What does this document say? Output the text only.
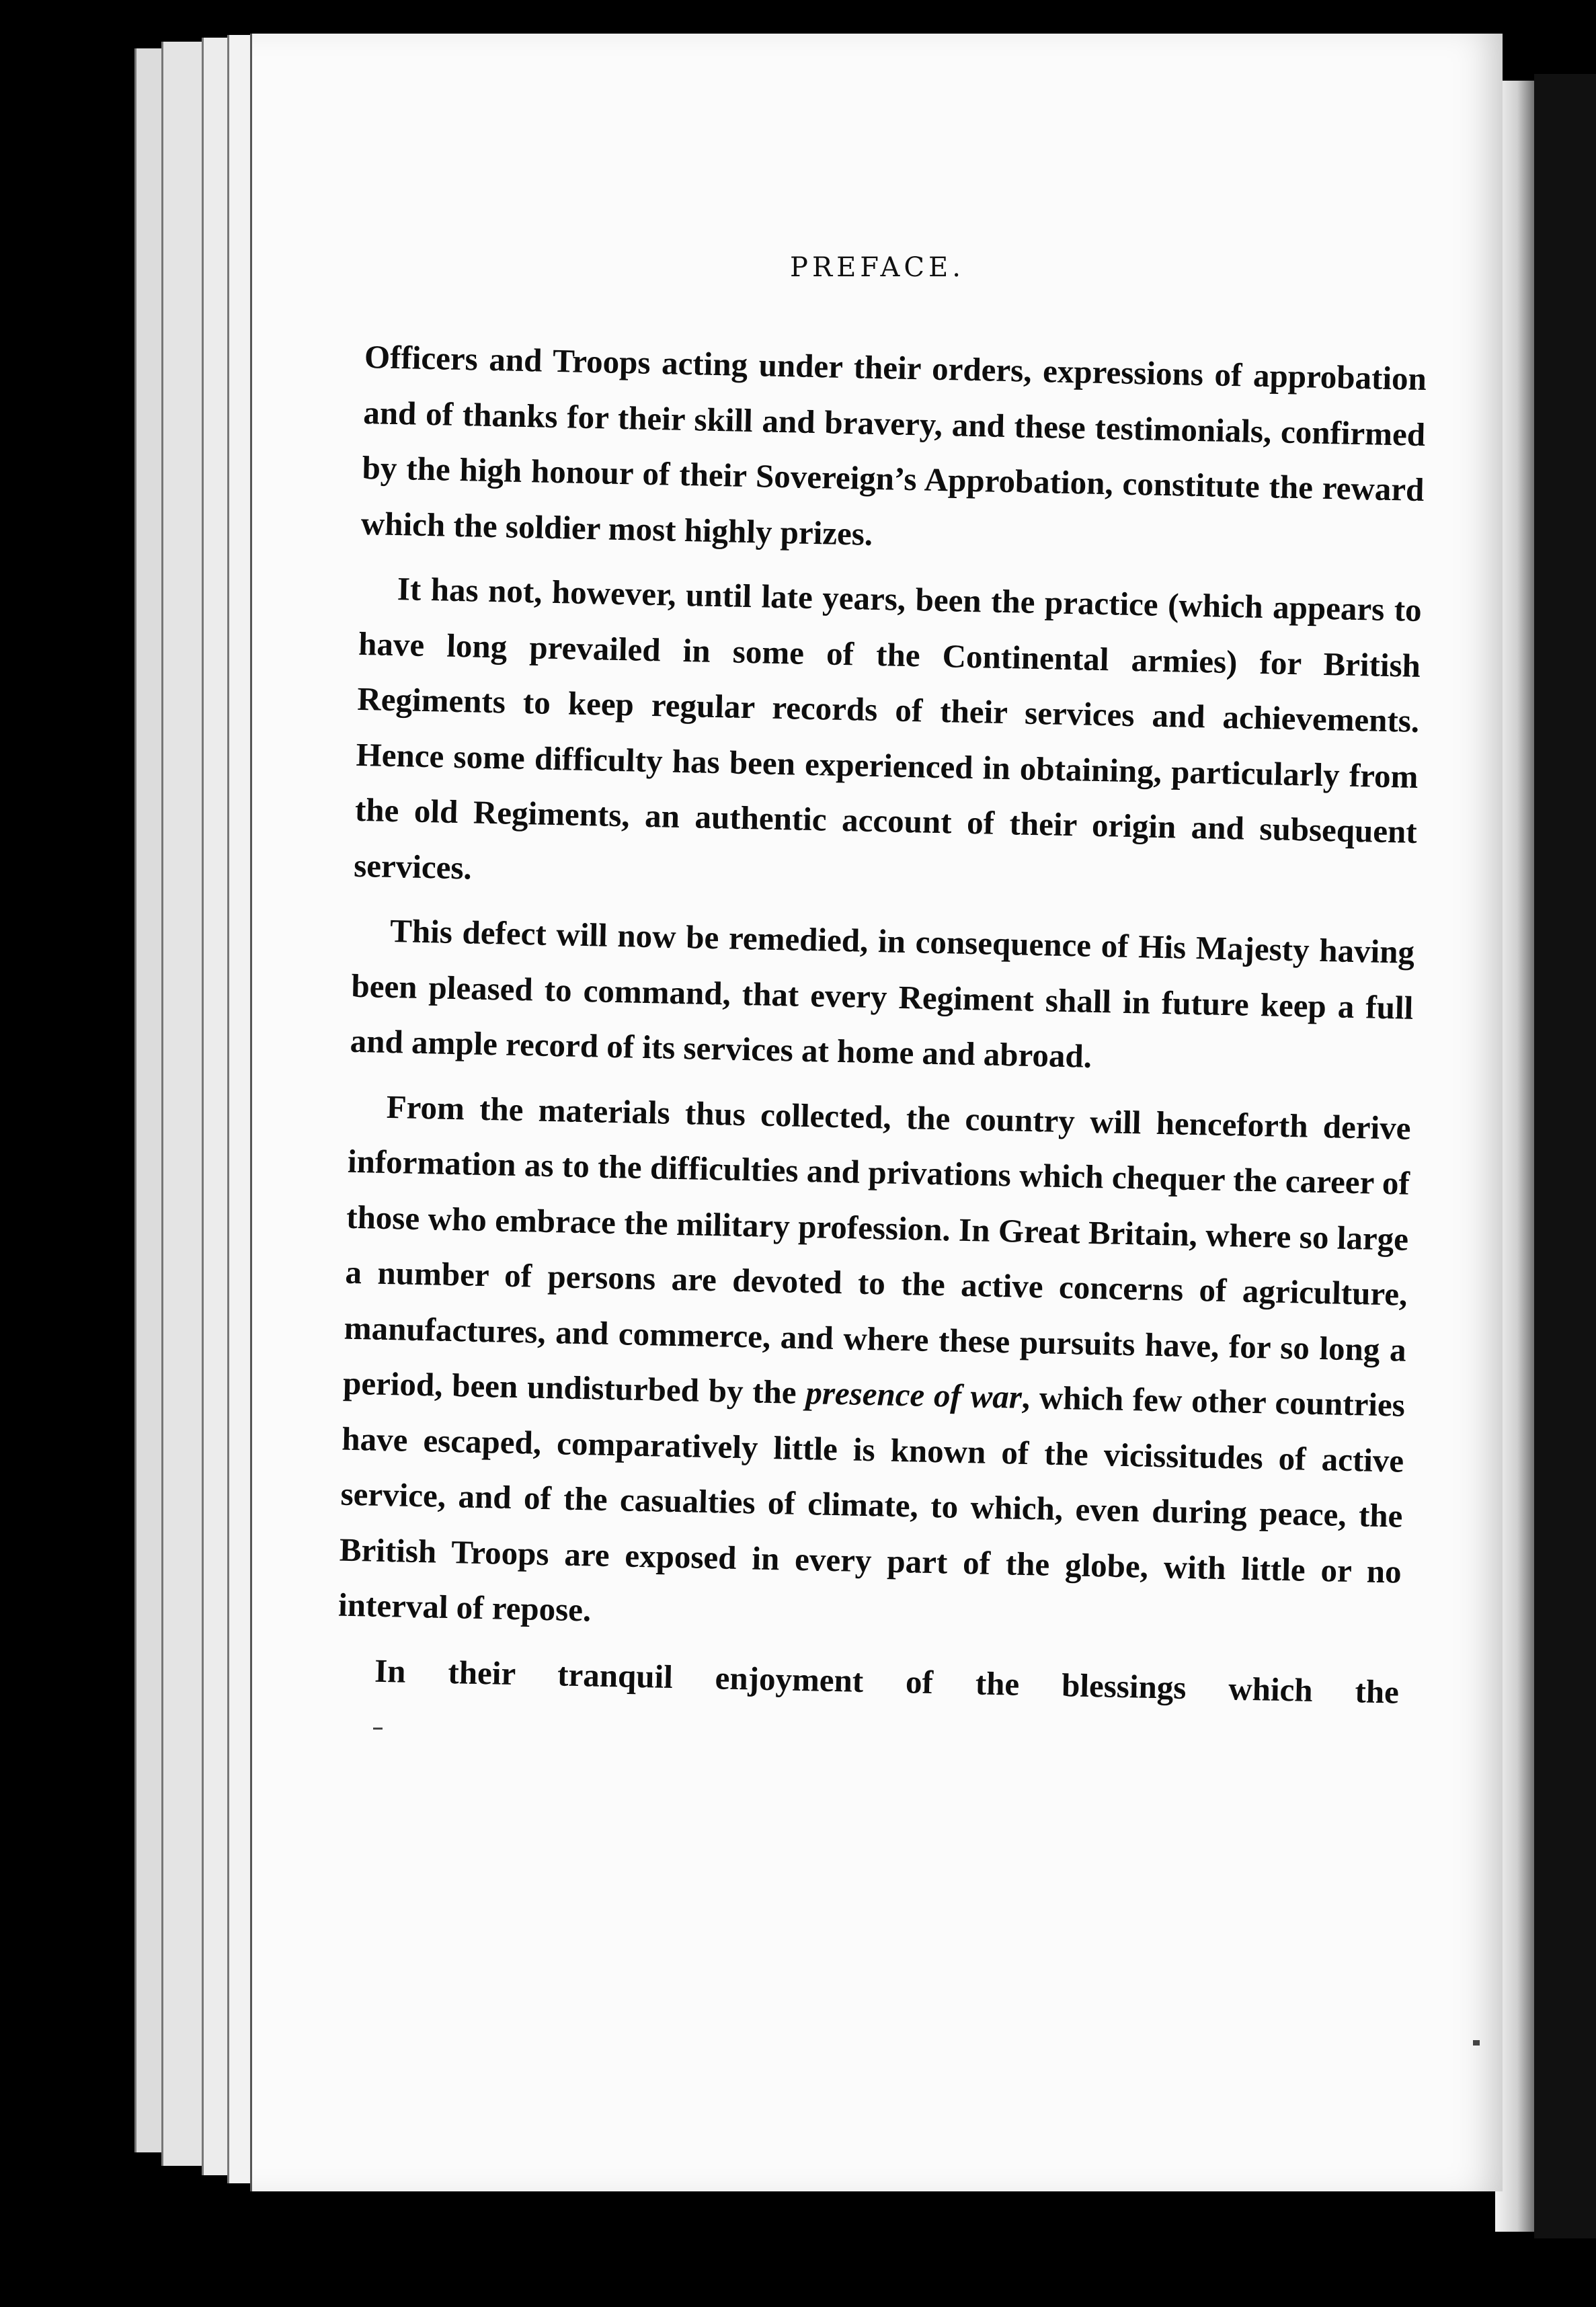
PREFACE.

Officers and Troops acting under their orders, expressions of approbation and of thanks for their skill and bravery, and these testimonials, confirmed by the high honour of their Sovereign’s Approbation, constitute the reward which the soldier most highly prizes.

It has not, however, until late years, been the practice (which appears to have long prevailed in some of the Continental armies) for British Regiments to keep regular records of their services and achievements. Hence some difficulty has been experienced in obtaining, particularly from the old Regiments, an authentic account of their origin and subsequent services.

This defect will now be remedied, in consequence of His Majesty having been pleased to command, that every Regiment shall in future keep a full and ample record of its services at home and abroad.

From the materials thus collected, the country will henceforth derive information as to the difficulties and privations which chequer the career of those who embrace the military profession. In Great Britain, where so large a number of persons are devoted to the active concerns of agriculture, manufactures, and commerce, and where these pursuits have, for so long a period, been undisturbed by the presence of war, which few other countries have escaped, comparatively little is known of the vicissitudes of active service, and of the casualties of climate, to which, even during peace, the British Troops are exposed in every part of the globe, with little or no interval of repose.

In their tranquil enjoyment of the blessings which the
